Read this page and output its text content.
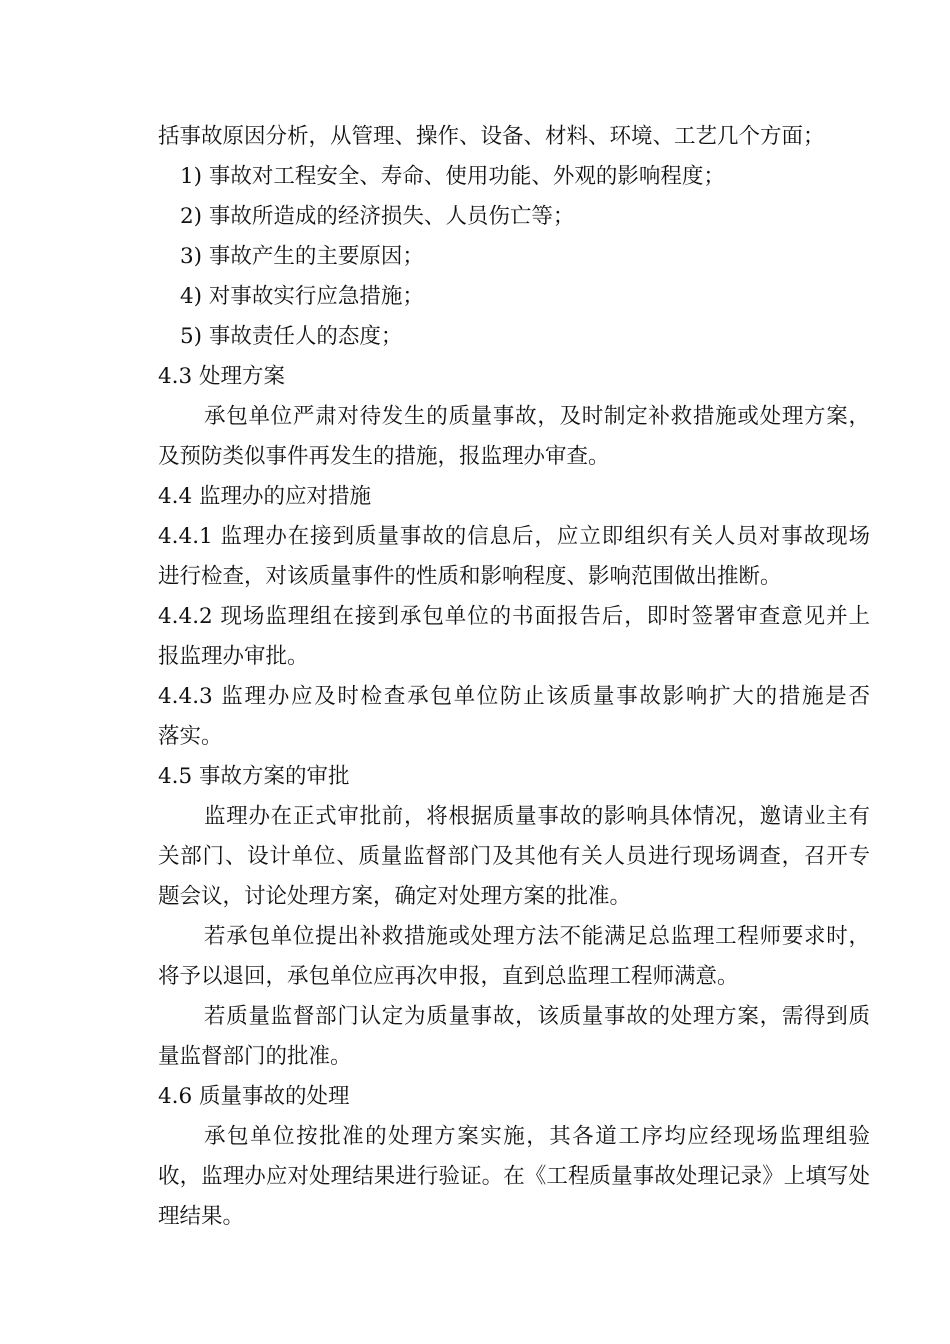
括事故原因分析，从管理、操作、设备、材料、环境、工艺几个方面；
1) 事故对工程安全、寿命、使用功能、外观的影响程度；
2) 事故所造成的经济损失、人员伤亡等；
3) 事故产生的主要原因；
4) 对事故实行应急措施；
5) 事故责任人的态度；
4.3 处理方案
承包单位严肃对待发生的质量事故，及时制定补救措施或处理方案，
及预防类似事件再发生的措施，报监理办审查。
4.4 监理办的应对措施
4.4.1 监理办在接到质量事故的信息后，应立即组织有关人员对事故现场
进行检查，对该质量事件的性质和影响程度、影响范围做出推断。
4.4.2 现场监理组在接到承包单位的书面报告后，即时签署审查意见并上
报监理办审批。
4.4.3 监理办应及时检查承包单位防止该质量事故影响扩大的措施是否
落实。
4.5 事故方案的审批
监理办在正式审批前，将根据质量事故的影响具体情况，邀请业主有
关部门、设计单位、质量监督部门及其他有关人员进行现场调查，召开专
题会议，讨论处理方案，确定对处理方案的批准。
若承包单位提出补救措施或处理方法不能满足总监理工程师要求时，
将予以退回，承包单位应再次申报，直到总监理工程师满意。
若质量监督部门认定为质量事故，该质量事故的处理方案，需得到质
量监督部门的批准。
4.6 质量事故的处理
承包单位按批准的处理方案实施，其各道工序均应经现场监理组验
收，监理办应对处理结果进行验证。在《工程质量事故处理记录》上填写处
理结果。
